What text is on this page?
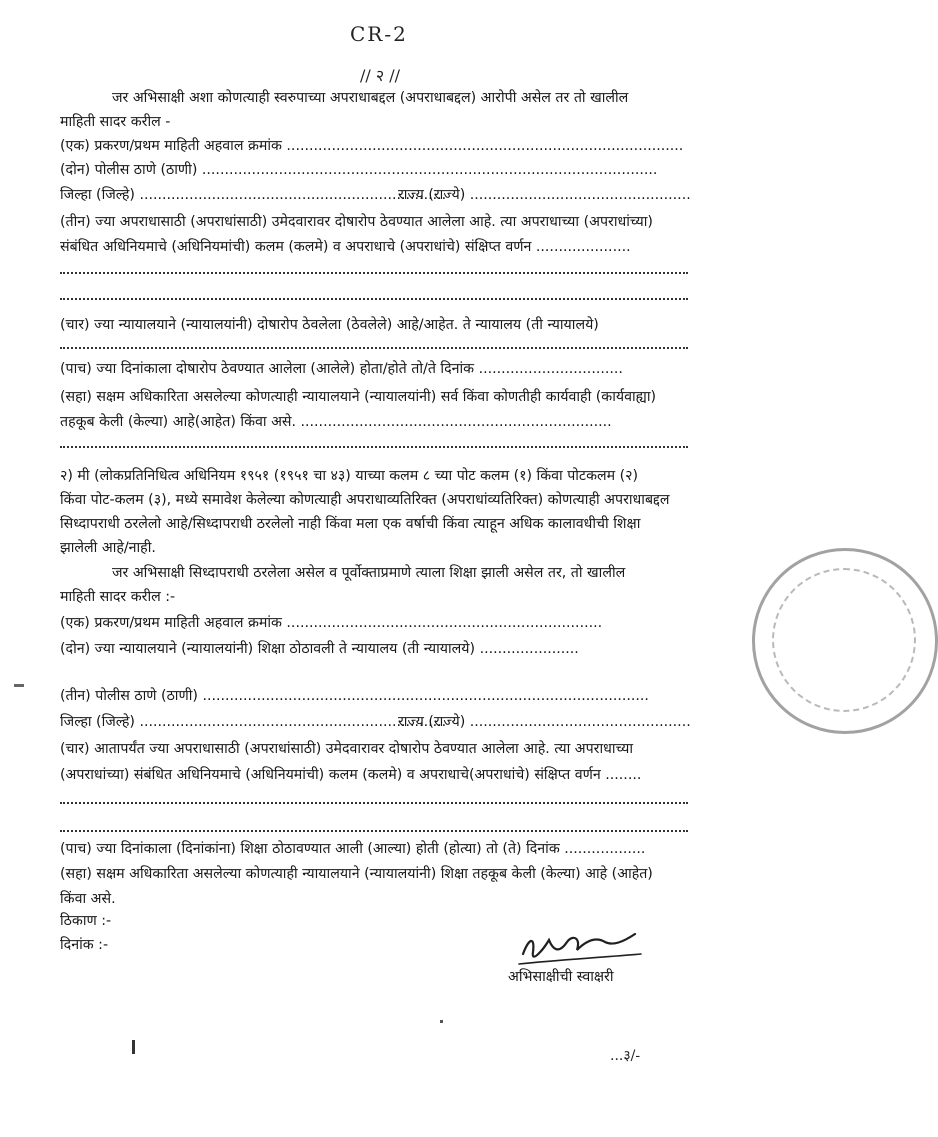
CR-2
// २ //
जर अभिसाक्षी अशा कोणत्याही स्वरुपाच्या अपराधाबद्दल (अपराधाबद्दल) आरोपी असेल तर तो खालील
माहिती सादर करील -
(एक) प्रकरण/प्रथम माहिती अहवाल क्रमांक ........................................................................................
(दोन) पोलीस ठाणे (ठाणी) .....................................................................................................
जिल्हा (जिल्हे) ....................................................................
राज्य (राज्ये) .................................................
(तीन) ज्या अपराधासाठी (अपराधांसाठी) उमेदवारावर दोषारोप ठेवण्यात आलेला आहे. त्या अपराधाच्या (अपराधांच्या)
संबंधित अधिनियमाचे (अधिनियमांची) कलम (कलमे) व अपराधाचे (अपराधांचे) संक्षिप्त वर्णन .....................
(चार) ज्या न्यायालयाने (न्यायालयांनी) दोषारोप ठेवलेला (ठेवलेले) आहे/आहेत. ते न्यायालय (ती न्यायालये)
(पाच) ज्या दिनांकाला दोषारोप ठेवण्यात आलेला (आलेले) होता/होते तो/ते दिनांक ................................
(सहा) सक्षम अधिकारिता असलेल्या कोणत्याही न्यायालयाने (न्यायालयांनी) सर्व किंवा कोणतीही कार्यवाही (कार्यवाह्या)
तहकूब केली (केल्या) आहे(आहेत) किंवा असे. .....................................................................
२) मी (लोकप्रतिनिधित्व अधिनियम १९५१ (१९५१ चा ४३) याच्या कलम ८ च्या पोट कलम (१) किंवा पोटकलम (२)
किंवा पोट-कलम (३), मध्ये समावेश केलेल्या कोणत्याही अपराधाव्यतिरिक्त (अपराधांव्यतिरिक्त) कोणत्याही अपराधाबद्दल
सिध्दापराधी ठरलेलो आहे/सिध्दापराधी ठरलेलो नाही किंवा मला एक वर्षाची किंवा त्याहून अधिक कालावधीची शिक्षा
झालेली आहे/नाही.
जर अभिसाक्षी सिध्दापराधी ठरलेला असेल व पूर्वोक्ताप्रमाणे त्याला शिक्षा झाली असेल तर, तो खालील
माहिती सादर करील :-
(एक) प्रकरण/प्रथम माहिती अहवाल क्रमांक ......................................................................
(दोन) ज्या न्यायालयाने (न्यायालयांनी) शिक्षा ठोठावली ते न्यायालय (ती न्यायालये) ......................
(तीन) पोलीस ठाणे (ठाणी) ...................................................................................................
जिल्हा (जिल्हे) ....................................................................
राज्य (राज्ये) .................................................
(चार) आतापर्यंत ज्या अपराधासाठी (अपराधांसाठी) उमेदवारावर दोषारोप ठेवण्यात आलेला आहे. त्या अपराधाच्या
(अपराधांच्या) संबंधित अधिनियमाचे (अधिनियमांची) कलम (कलमे) व अपराधाचे(अपराधांचे) संक्षिप्त वर्णन ........
(पाच) ज्या दिनांकाला (दिनांकांना) शिक्षा ठोठावण्यात आली (आल्या) होती (होत्या) तो (ते) दिनांक ..................
(सहा) सक्षम अधिकारिता असलेल्या कोणत्याही न्यायालयाने (न्यायालयांनी) शिक्षा तहकूब केली (केल्या) आहे (आहेत)
किंवा असे.
ठिकाण :-
दिनांक :-
अभिसाक्षीची स्वाक्षरी
...३/-
